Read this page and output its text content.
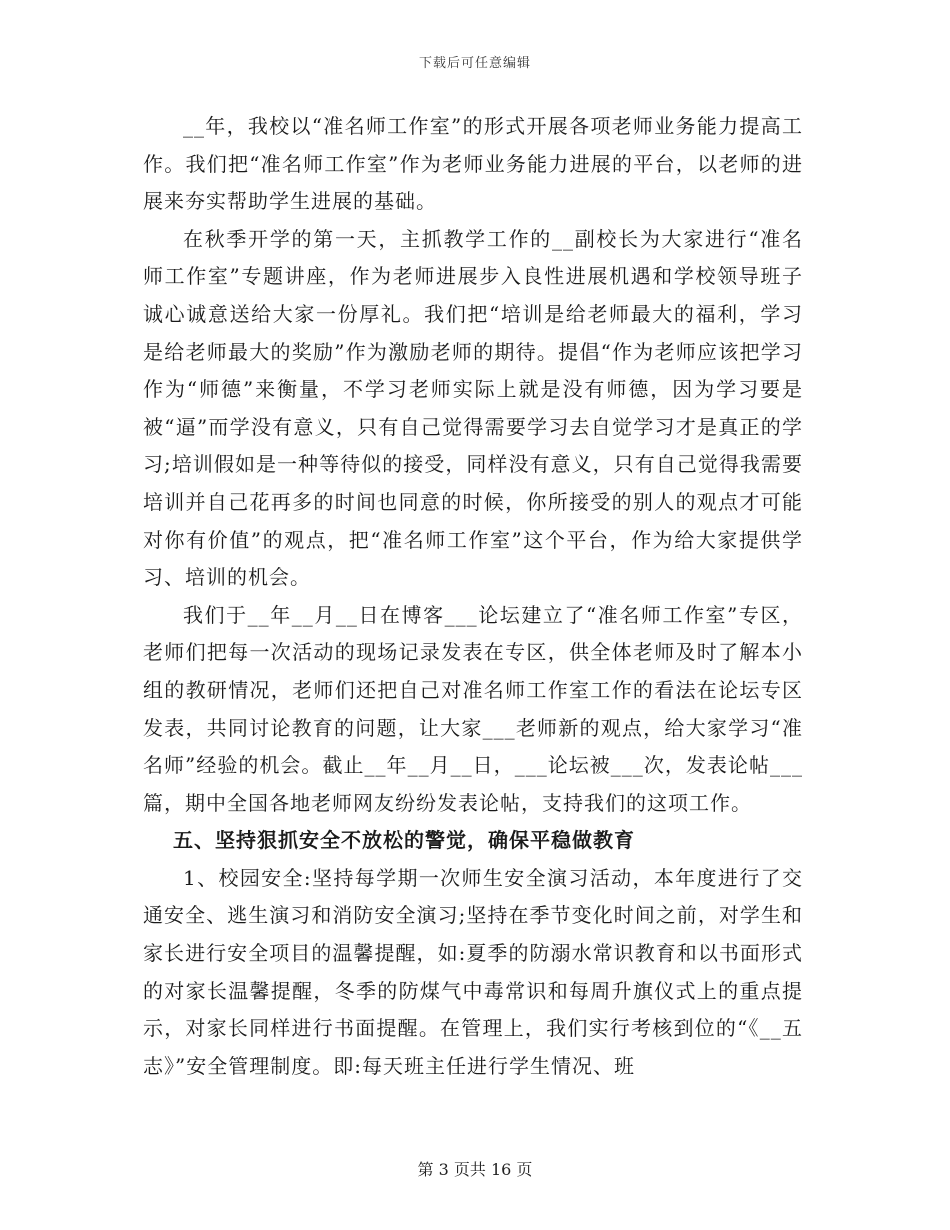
下载后可任意编辑

__年，我校以“准名师工作室”的形式开展各项老师业务能力提高工作。我们把“准名师工作室”作为老师业务能力进展的平台，以老师的进展来夯实帮助学生进展的基础。

在秋季开学的第一天，主抓教学工作的__副校长为大家进行“准名师工作室”专题讲座，作为老师进展步入良性进展机遇和学校领导班子诚心诚意送给大家一份厚礼。我们把“培训是给老师最大的福利，学习是给老师最大的奖励”作为激励老师的期待。提倡“作为老师应该把学习作为“师德”来衡量，不学习老师实际上就是没有师德，因为学习要是被“逼”而学没有意义，只有自己觉得需要学习去自觉学习才是真正的学习;培训假如是一种等待似的接受，同样没有意义，只有自己觉得我需要培训并自己花再多的时间也同意的时候，你所接受的别人的观点才可能对你有价值”的观点，把“准名师工作室”这个平台，作为给大家提供学习、培训的机会。

我们于__年__月__日在博客___论坛建立了“准名师工作室”专区，老师们把每一次活动的现场记录发表在专区，供全体老师及时了解本小组的教研情况，老师们还把自己对准名师工作室工作的看法在论坛专区发表，共同讨论教育的问题，让大家___老师新的观点，给大家学习“准名师”经验的机会。截止__年__月__日，___论坛被___次，发表论帖___篇，期中全国各地老师网友纷纷发表论帖，支持我们的这项工作。

五、坚持狠抓安全不放松的警觉，确保平稳做教育

1、校园安全:坚持每学期一次师生安全演习活动，本年度进行了交通安全、逃生演习和消防安全演习;坚持在季节变化时间之前，对学生和家长进行安全项目的温馨提醒，如:夏季的防溺水常识教育和以书面形式的对家长温馨提醒，冬季的防煤气中毒常识和每周升旗仪式上的重点提示，对家长同样进行书面提醒。在管理上，我们实行考核到位的“《__五志》”安全管理制度。即:每天班主任进行学生情况、班

第 3 页共 16 页
